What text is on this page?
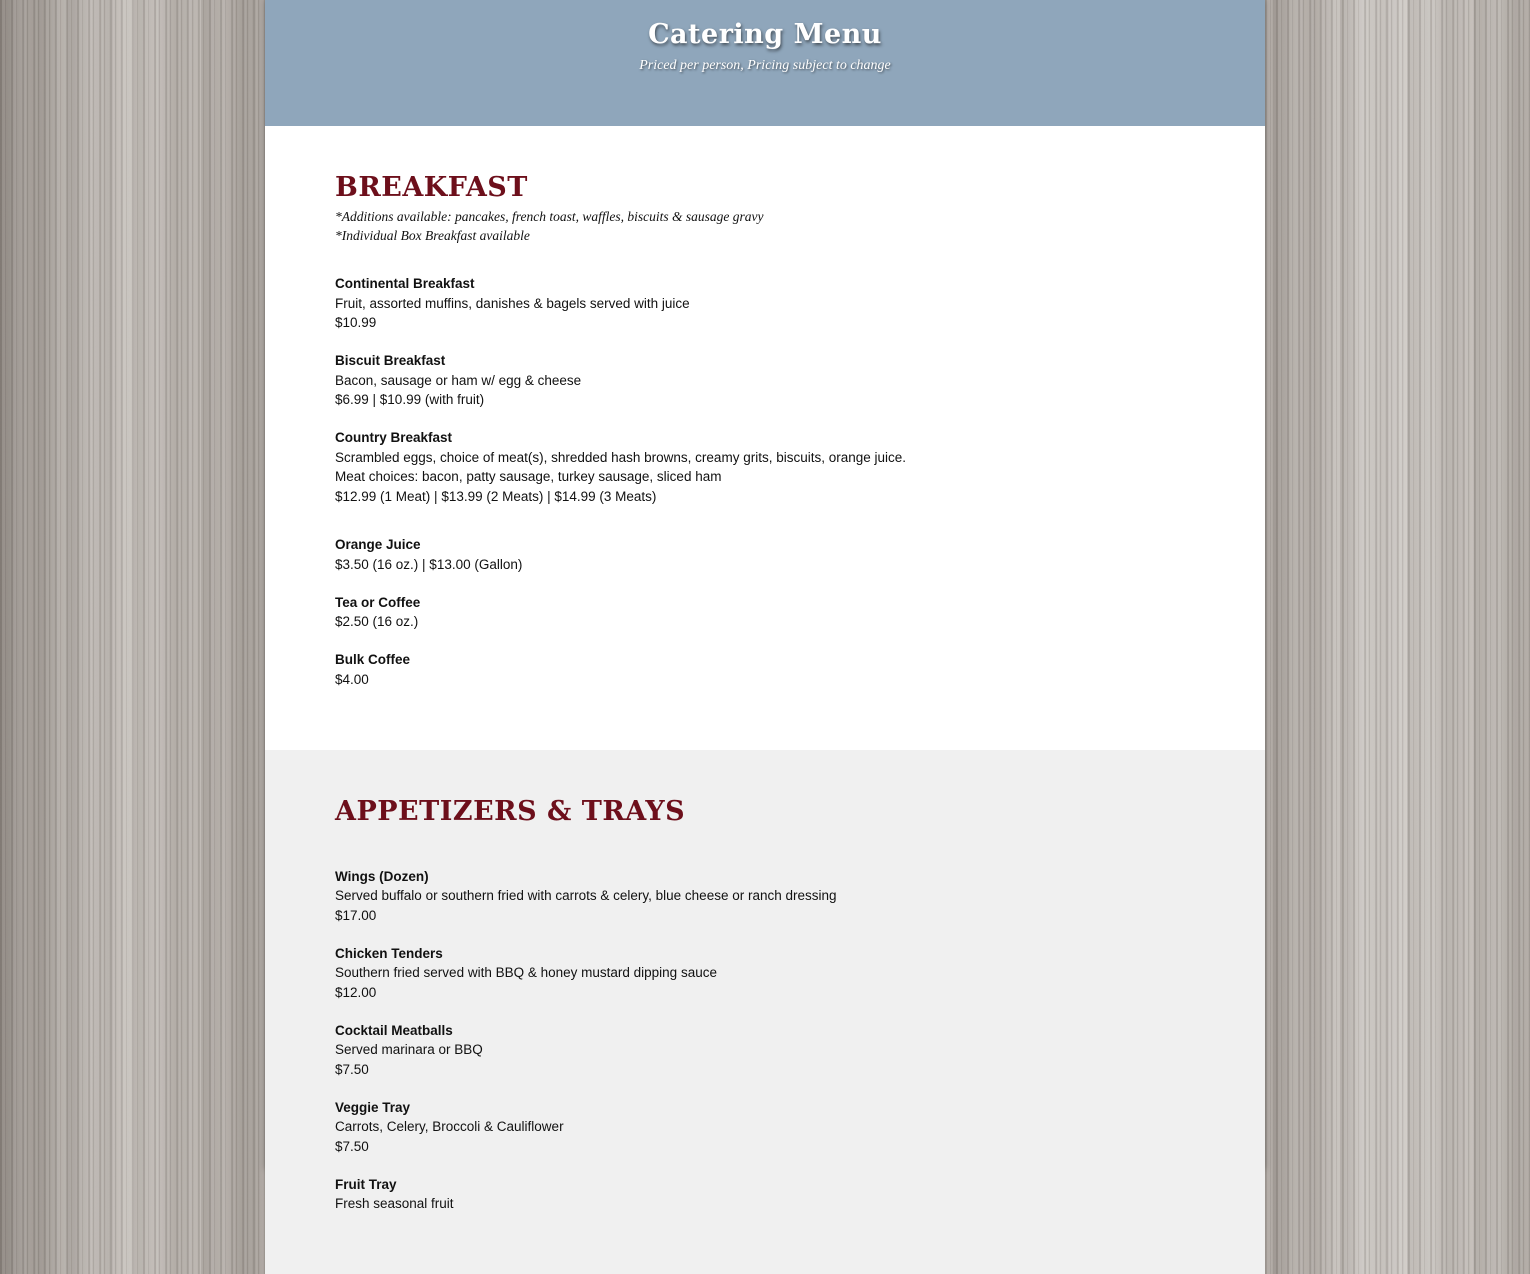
Catering Menu
Priced per person, Pricing subject to change
BREAKFAST
*Additions available: pancakes, french toast, waffles, biscuits & sausage gravy
*Individual Box Breakfast available
Continental Breakfast
Fruit, assorted muffins, danishes & bagels served with juice
$10.99
Biscuit Breakfast
Bacon, sausage or ham w/ egg & cheese
$6.99 | $10.99 (with fruit)
Country Breakfast
Scrambled eggs, choice of meat(s), shredded hash browns, creamy grits, biscuits, orange juice.
Meat choices: bacon, patty sausage, turkey sausage, sliced ham
$12.99 (1 Meat) | $13.99 (2 Meats) | $14.99 (3 Meats)
Orange Juice
$3.50 (16 oz.) | $13.00 (Gallon)
Tea or Coffee
$2.50 (16 oz.)
Bulk Coffee
$4.00
APPETIZERS & TRAYS
Wings (Dozen)
Served buffalo or southern fried with carrots & celery, blue cheese or ranch dressing
$17.00
Chicken Tenders
Southern fried served with BBQ & honey mustard dipping sauce
$12.00
Cocktail Meatballs
Served marinara or BBQ
$7.50
Veggie Tray
Carrots, Celery, Broccoli & Cauliflower
$7.50
Fruit Tray
Fresh seasonal fruit
